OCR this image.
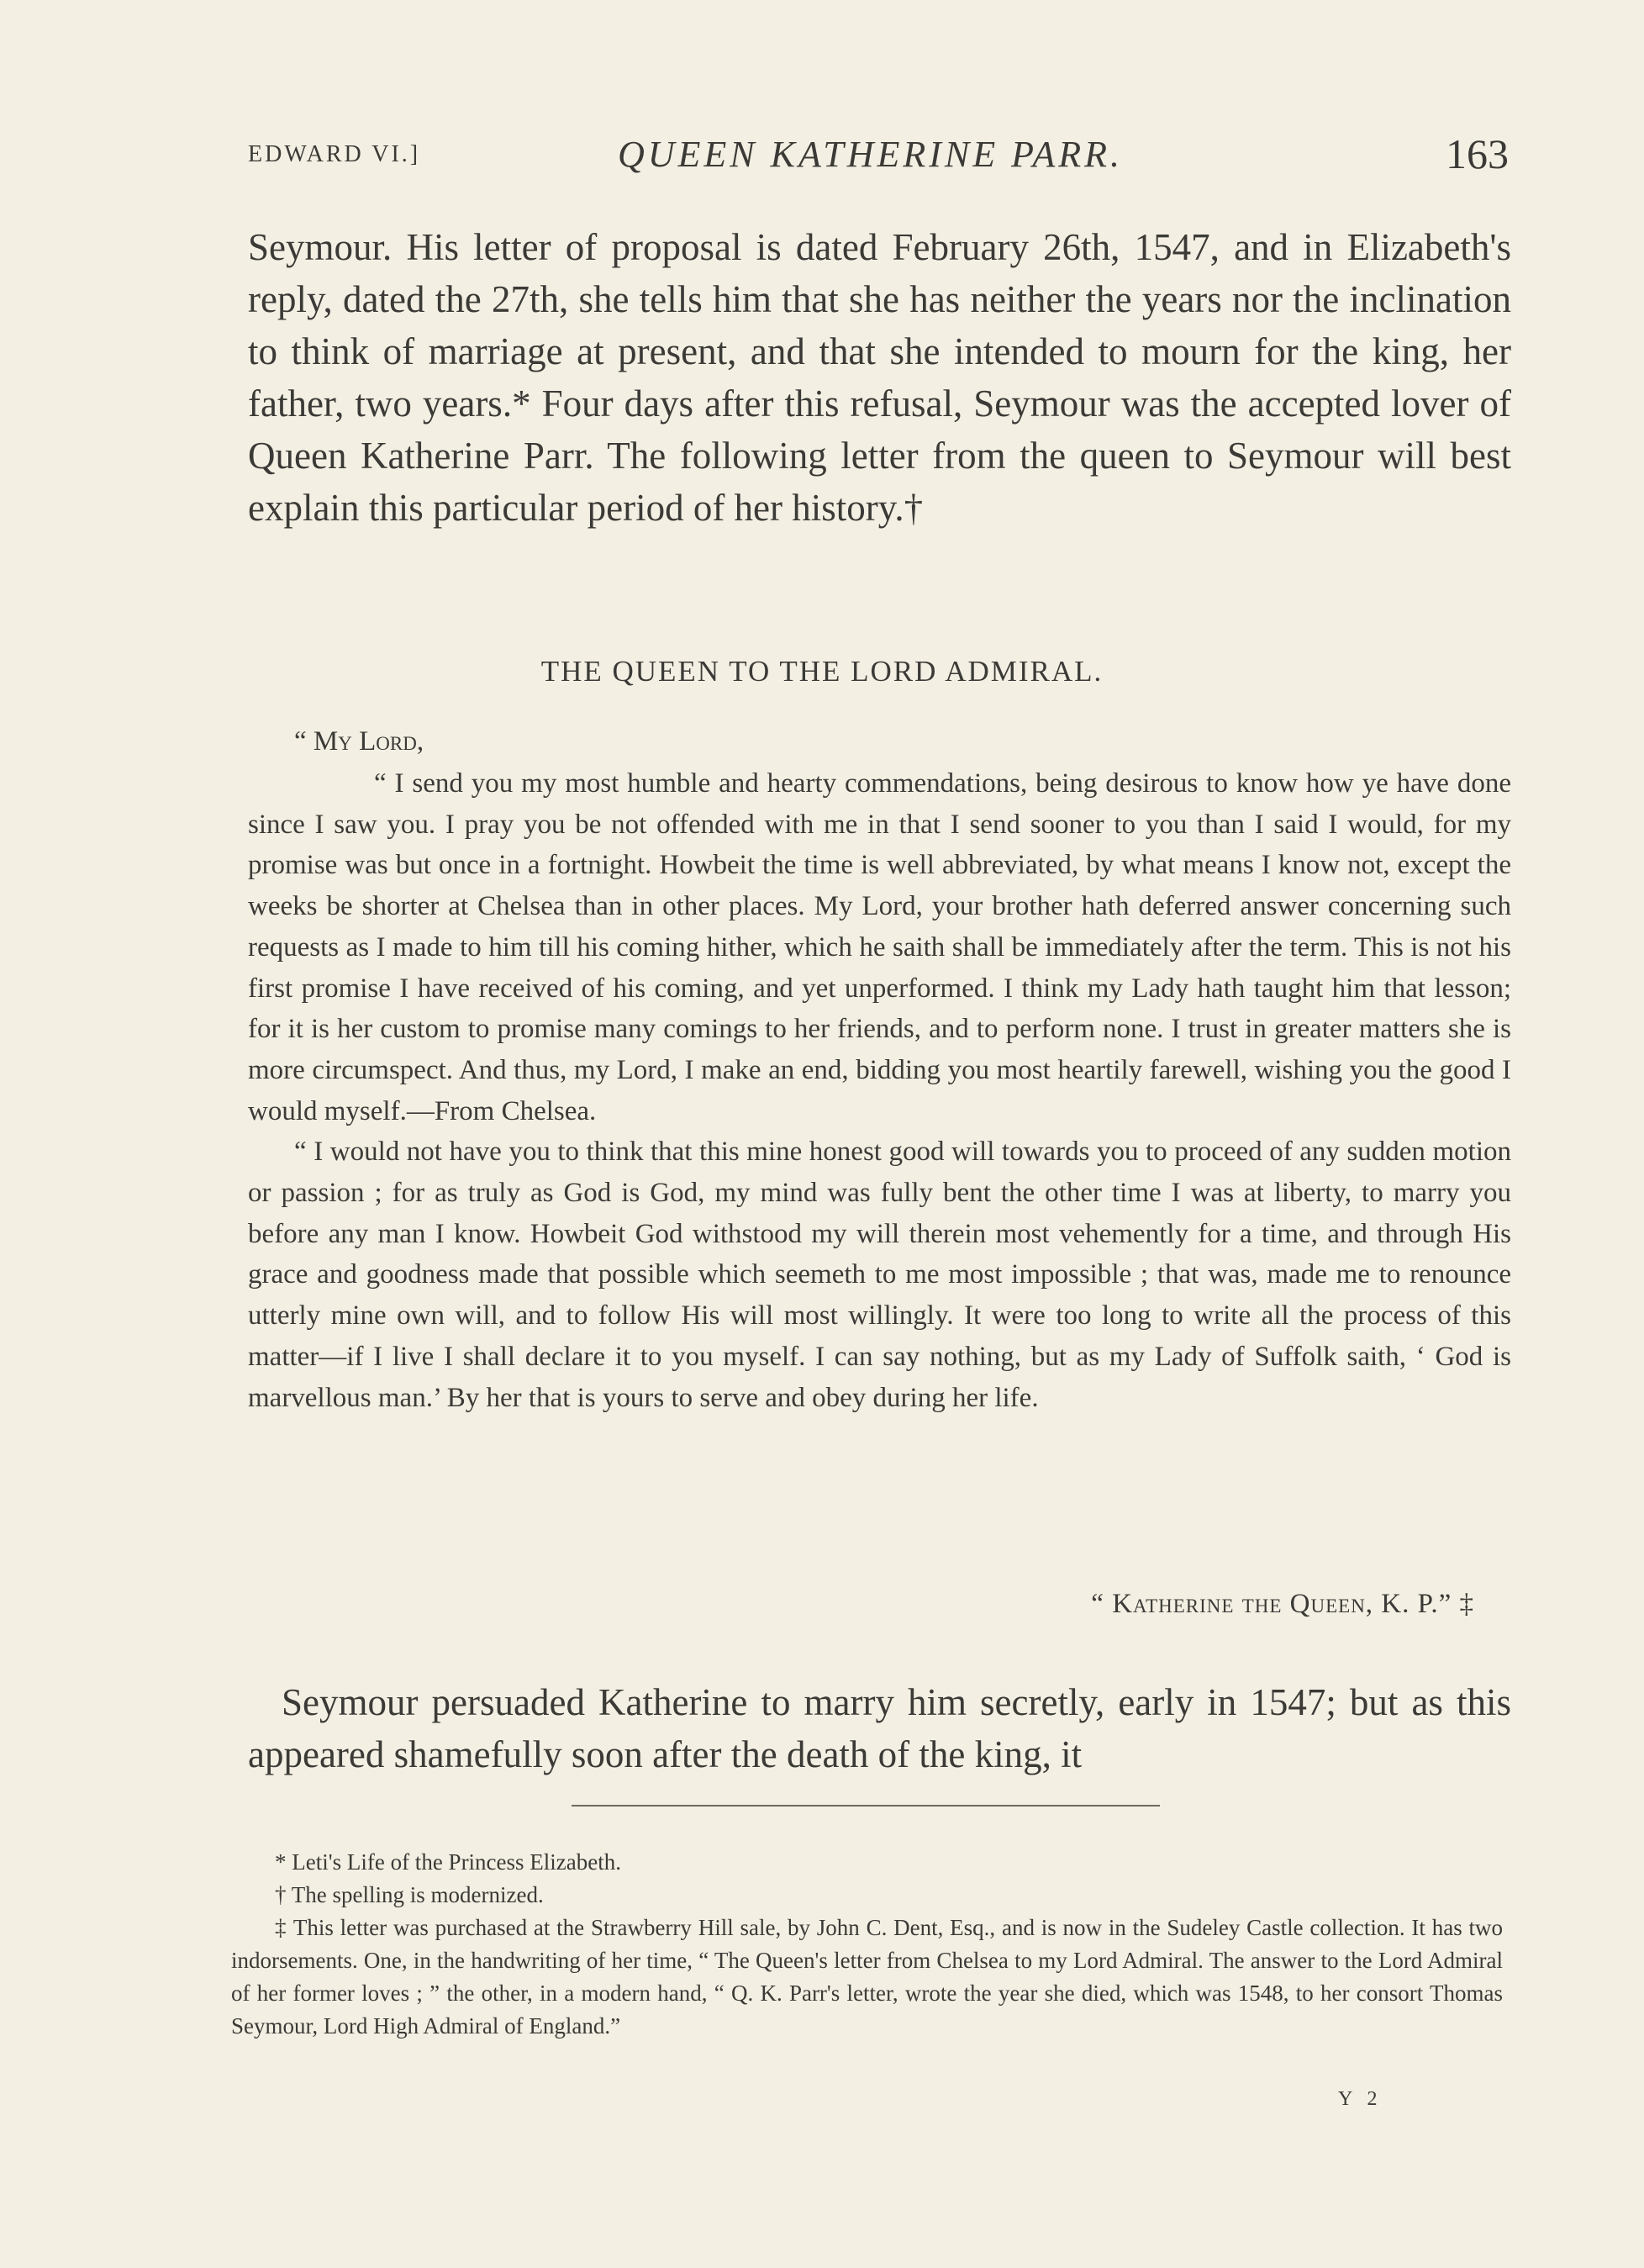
EDWARD VI.]	QUEEN KATHERINE PARR.	163

Seymour. His letter of proposal is dated February 26th, 1547, and in Elizabeth's reply, dated the 27th, she tells him that she has neither the years nor the inclination to think of marriage at present, and that she intended to mourn for the king, her father, two years.* Four days after this refusal, Seymour was the accepted lover of Queen Katherine Parr. The following letter from the queen to Seymour will best explain this particular period of her history.†

THE QUEEN TO THE LORD ADMIRAL.
“ My Lord,

“ I send you my most humble and hearty commendations, being desirous to know how ye have done since I saw you. I pray you be not offended with me in that I send sooner to you than I said I would, for my promise was but once in a fortnight. Howbeit the time is well abbreviated, by what means I know not, except the weeks be shorter at Chelsea than in other places. My Lord, your brother hath deferred answer concerning such requests as I made to him till his coming hither, which he saith shall be immediately after the term. This is not his first promise I have received of his coming, and yet unperformed. I think my Lady hath taught him that lesson; for it is her custom to promise many comings to her friends, and to perform none. I trust in greater matters she is more circumspect. And thus, my Lord, I make an end, bidding you most heartily farewell, wishing you the good I would myself.—From Chelsea.

“ I would not have you to think that this mine honest good will towards you to proceed of any sudden motion or passion ; for as truly as God is God, my mind was fully bent the other time I was at liberty, to marry you before any man I know. Howbeit God withstood my will therein most vehemently for a time, and through His grace and goodness made that possible which seemeth to me most impossible ; that was, made me to renounce utterly mine own will, and to follow His will most willingly. It were too long to write all the process of this matter—if I live I shall declare it to you myself. I can say nothing, but as my Lady of Suffolk saith, ‘ God is marvellous man.’ By her that is yours to serve and obey during her life.

“ Katherine the Queen, K. P.” ‡

Seymour persuaded Katherine to marry him secretly, early in 1547; but as this appeared shamefully soon after the death of the king, it

* Leti's Life of the Princess Elizabeth.

† The spelling is modernized.

‡ This letter was purchased at the Strawberry Hill sale, by John C. Dent, Esq., and is now in the Sudeley Castle collection. It has two indorsements. One, in the handwriting of her time, “ The Queen's letter from Chelsea to my Lord Admiral. The answer to the Lord Admiral of her former loves ; ” the other, in a modern hand, “ Q. K. Parr's letter, wrote the year she died, which was 1548, to her consort Thomas Seymour, Lord High Admiral of England.”

Y 2
